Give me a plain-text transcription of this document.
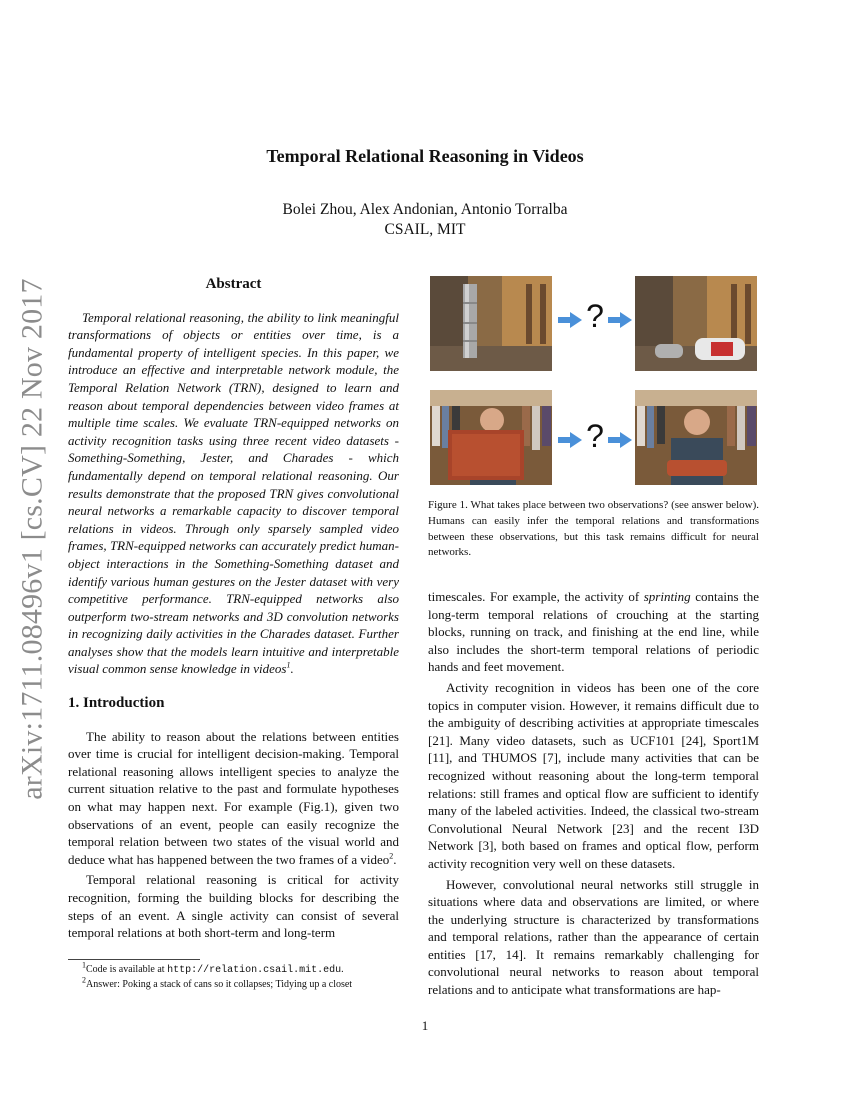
arXiv:1711.08496v1 [cs.CV] 22 Nov 2017
Temporal Relational Reasoning in Videos
Bolei Zhou, Alex Andonian, Antonio Torralba
CSAIL, MIT
Abstract

Temporal relational reasoning, the ability to link meaningful transformations of objects or entities over time, is a fundamental property of intelligent species. In this paper, we introduce an effective and interpretable network module, the Temporal Relation Network (TRN), designed to learn and reason about temporal dependencies between video frames at multiple time scales. We evaluate TRN-equipped networks on activity recognition tasks using three recent video datasets - Something-Something, Jester, and Charades - which fundamentally depend on temporal relational reasoning. Our results demonstrate that the proposed TRN gives convolutional neural networks a remarkable capacity to discover temporal relations in videos. Through only sparsely sampled video frames, TRN-equipped networks can accurately predict human-object interactions in the Something-Something dataset and identify various human gestures on the Jester dataset with very competitive performance. TRN-equipped networks also outperform two-stream networks and 3D convolution networks in recognizing daily activities in the Charades dataset. Further analyses show that the models learn intuitive and interpretable visual common sense knowledge in videos$^1$.

1. Introduction

The ability to reason about the relations between entities over time is crucial for intelligent decision-making. Temporal relational reasoning allows intelligent species to analyze the current situation relative to the past and formulate hypotheses on what may happen next. For example (Fig.1), given two observations of an event, people can easily recognize the temporal relation between two states of the visual world and deduce what has happened between the two frames of a video$^2$.

Temporal relational reasoning is critical for activity recognition, forming the building blocks for describing the steps of an event. A single activity can consist of several temporal relations at both short-term and long-term

$^1$Code is available at http://relation.csail.mit.edu.

$^2$Answer: Poking a stack of cans so it collapses; Tidying up a closet

?
?
Figure 1. What takes place between two observations? (see answer below). Humans can easily infer the temporal relations and transformations between these observations, but this task remains difficult for neural networks.

timescales. For example, the activity of sprinting contains the long-term temporal relations of crouching at the starting blocks, running on track, and finishing at the end line, while also includes the short-term temporal relations of periodic hands and feet movement.

Activity recognition in videos has been one of the core topics in computer vision. However, it remains difficult due to the ambiguity of describing activities at appropriate timescales [21]. Many video datasets, such as UCF101 [24], Sport1M [11], and THUMOS [7], include many activities that can be recognized without reasoning about the long-term temporal relations: still frames and optical flow are sufficient to identify many of the labeled activities. Indeed, the classical two-stream Convolutional Neural Network [23] and the recent I3D Network [3], both based on frames and optical flow, perform activity recognition very well on these datasets.

However, convolutional neural networks still struggle in situations where data and observations are limited, or where the underlying structure is characterized by transformations and temporal relations, rather than the appearance of certain entities [17, 14]. It remains remarkably challenging for convolutional neural networks to reason about temporal relations and to anticipate what transformations are hap-

1
